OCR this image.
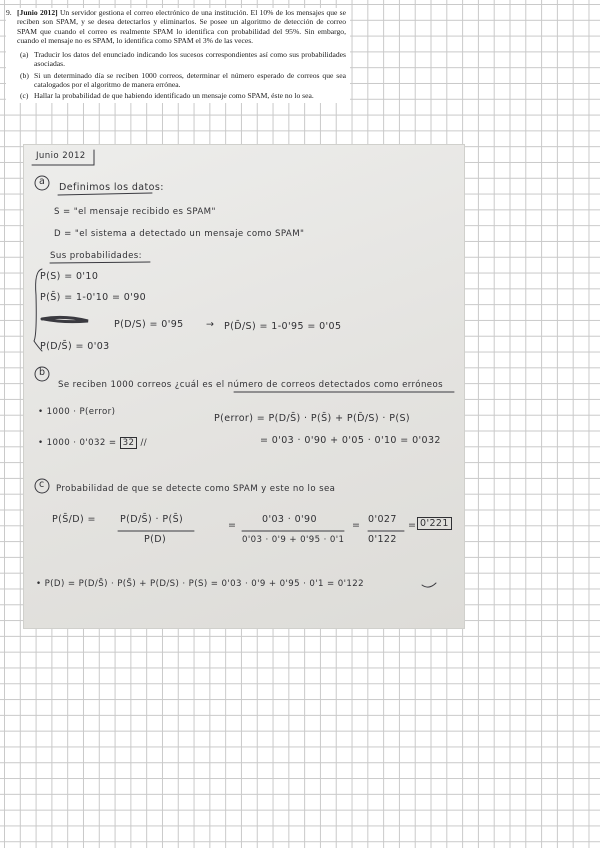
9. [Junio 2012] Un servidor gestiona el correo electrónico de una institución. El 10% de los mensajes que se reciben son SPAM, y se desea detectarlos y eliminarlos. Se posee un algoritmo de detección de correo SPAM que cuando el correo es realmente SPAM lo identifica con probabilidad del 95%. Sin embargo, cuando el mensaje no es SPAM, lo identifica como SPAM el 3% de las veces.
(a) Traducir los datos del enunciado indicando los sucesos correspondientes así como sus probabilidades asociadas.
(b) Si un determinado día se reciben 1000 correos, determinar el número esperado de correos que sea catalogados por el algoritmo de manera errónea.
(c) Hallar la probabilidad de que habiendo identificado un mensaje como SPAM, éste no lo sea.
Junio 2012
a
Definimos los datos:
S = "el mensaje recibido es SPAM"
D = "el sistema a detectado un mensaje como SPAM"
Sus probabilidades:
P(S) = 0'10
P(S̄) = 1-0'10 = 0'90
P(D/S) = 0'95 → P(D̄/S) = 1-0'95 = 0'05
P(D/S̄) = 0'03
b
Se reciben 1000 correos ¿cuál es el número de correos detectados como erróneos
• 1000 · P(error)
P(error) = P(D/S̄) · P(S̄) + P(D̄/S) · P(S)
= 0'03 · 0'90 + 0'05 · 0'10 = 0'032
• 1000 · 0'032 = 32 //
c Probabilidad de que se detecte como SPAM y este no lo sea
P(S̄/D) =	P(D/S̄) · P(S̄)
P(D)
=
0'03 · 0'90
0'03 · 0'9 + 0'95 · 0'1
=
0'027
0'122
= 0'221
• P(D) = P(D/S̄) · P(S̄) + P(D/S) · P(S) = 0'03 · 0'9 + 0'95 · 0'1 = 0'122
